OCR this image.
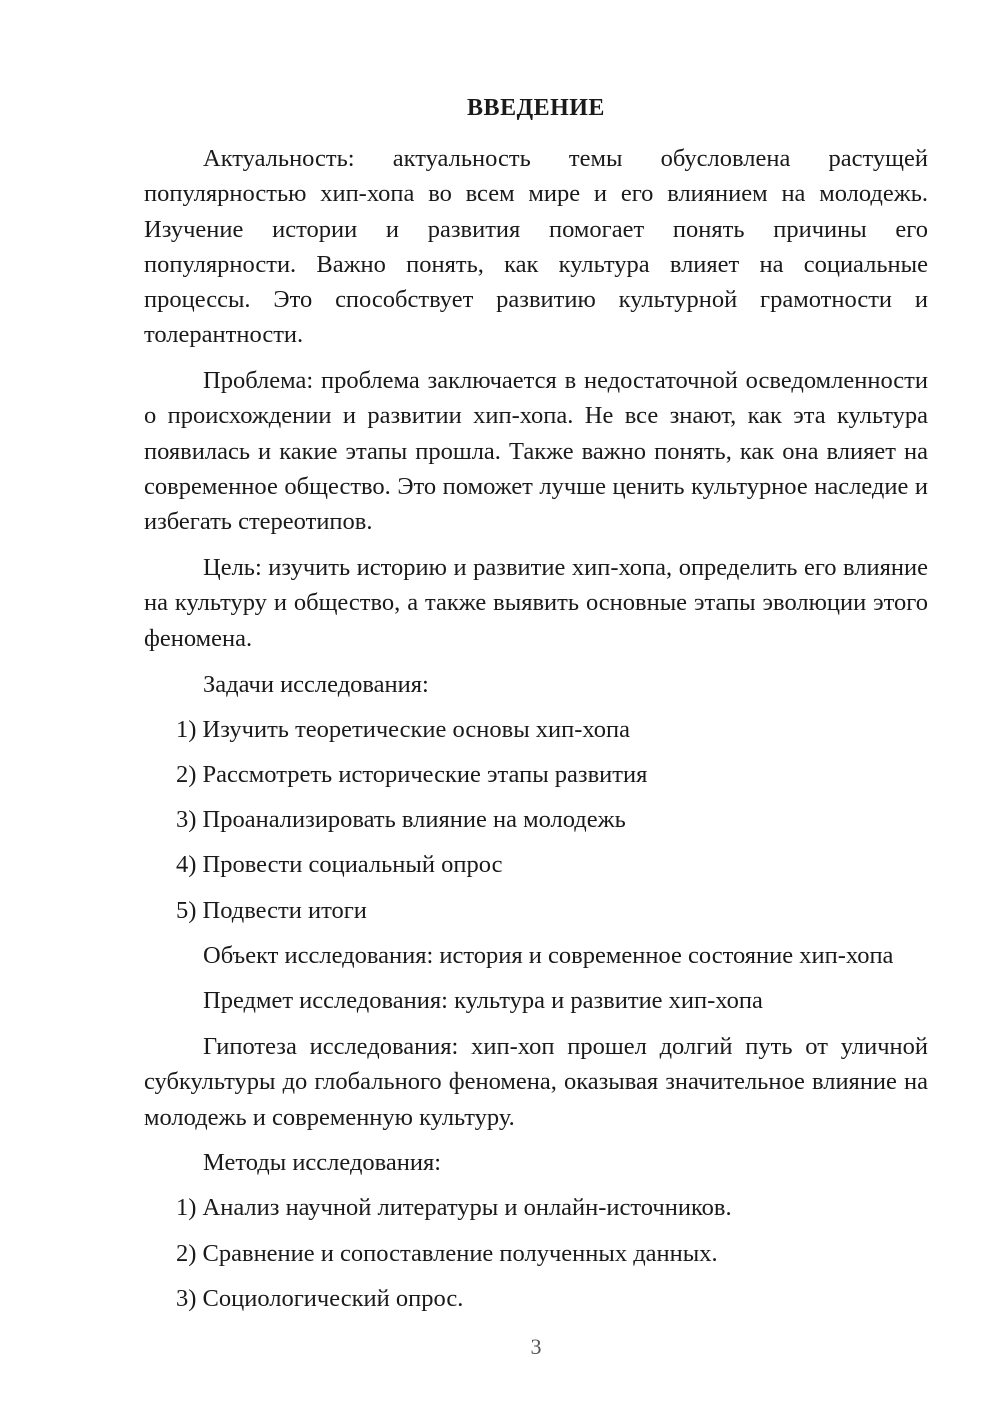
ВВЕДЕНИЕ

Актуальность: актуальность темы обусловлена растущей популярностью хип-хопа во всем мире и его влиянием на молодежь. Изучение истории и развития помогает понять причины его популярности. Важно понять, как культура влияет на социальные процессы. Это способствует развитию культурной грамотности и толерантности.

Проблема: проблема заключается в недостаточной осведомленности о происхождении и развитии хип-хопа. Не все знают, как эта культура появилась и какие этапы прошла. Также важно понять, как она влияет на современное общество. Это поможет лучше ценить культурное наследие и избегать стереотипов.

Цель: изучить историю и развитие хип-хопа, определить его влияние на культуру и общество, а также выявить основные этапы эволюции этого феномена.

Задачи исследования:

1) Изучить теоретические основы хип-хопа

2) Рассмотреть исторические этапы развития

3) Проанализировать влияние на молодежь

4) Провести социальный опрос

5) Подвести итоги

Объект исследования: история и современное состояние хип-хопа

Предмет исследования: культура и развитие хип-хопа

Гипотеза исследования: хип-хоп прошел долгий путь от уличной субкультуры до глобального феномена, оказывая значительное влияние на молодежь и современную культуру.

Методы исследования:

1) Анализ научной литературы и онлайн-источников.

2) Сравнение и сопоставление полученных данных.

3) Социологический опрос.

3
